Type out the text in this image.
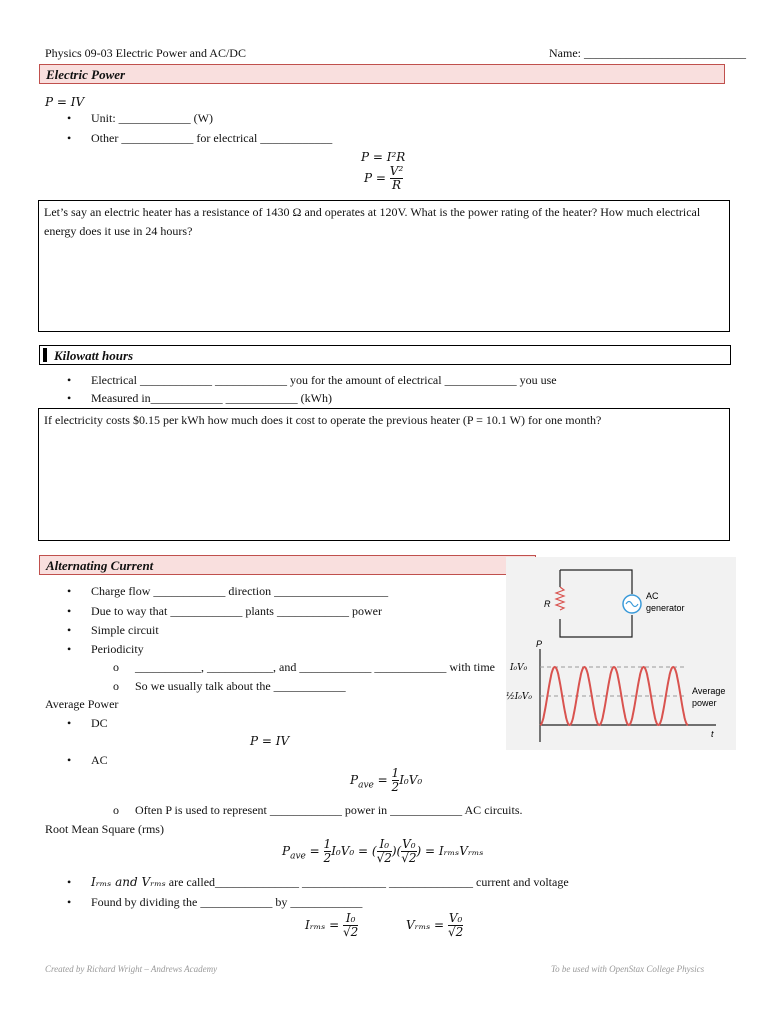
Physics 09-03 Electric Power and AC/DC	Name: ___________________________
Electric Power
P = IV
• Unit: ____________ (W)
• Other ____________ for electrical ____________
P = I²R
$P = \frac{\text{V²}}{R}$
Let’s say an electric heater has a resistance of 1430 Ω and operates at 120V. What is the power rating of the heater? How much electrical energy does it use in 24 hours?
Kilowatt hours
• Electrical ____________ ____________ you for the amount of electrical ____________ you use
• Measured in____________ ____________ (kWh)
If electricity costs $0.15 per kWh how much does it cost to operate the previous heater (P = 10.1 W) for one month?
Alternating Current
• Charge flow ____________ direction ___________________
• Due to way that ____________ plants ____________ power
• Simple circuit
• Periodicity
o ___________, ___________, and ____________ ____________ with time
o So we usually talk about the ____________
Average Power
• DC
P = IV
• AC
$P_{ave} = \frac{1}{2} I_0V_0$
o Often P is used to represent ____________ power in ____________ AC circuits.
Root Mean Square (rms)
$P_{ave} = \frac{1}{2} I_0V_0$ = ( $\frac{\text{I₀}}{√2}$ )( $\frac{\text{V₀}}{√2}$ ) = IᵣₘₛVᵣₘₛ
• Iᵣₘₛ and Vᵣₘₛ are called______________ ______________ ______________ current and voltage
• Found by dividing the ____________ by ____________
Iᵣₘₛ = $\frac{\text{I₀}}{√2}$	Vᵣₘₛ = $\frac{\text{V₀}}{√2}$
R
AC
generator
P
t
I₀V₀
½I₀V₀
Average
power
Created by Richard Wright – Andrews Academy	To be used with OpenStax College Physics
